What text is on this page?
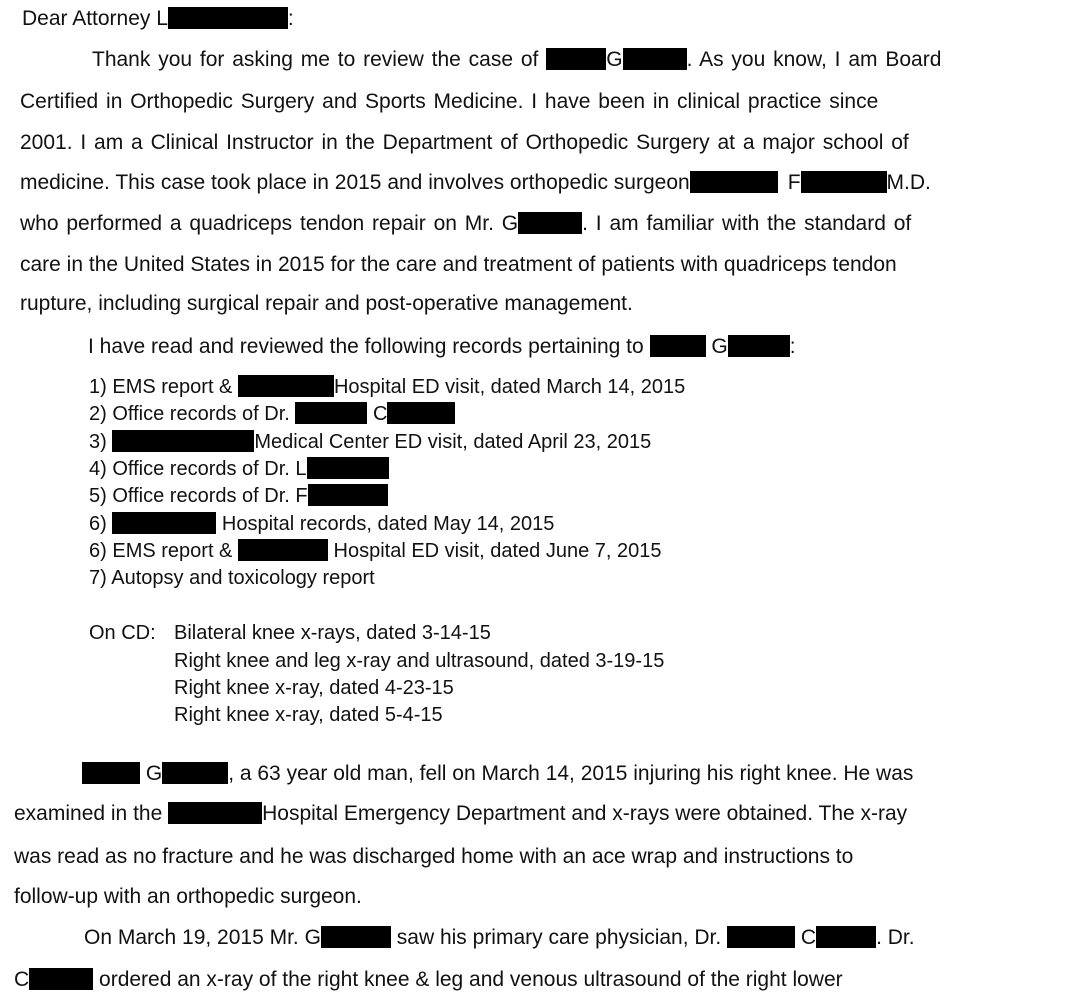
Dear Attorney L	:
Thank you for asking me to review the case of	G	. As you know, I am Board
Certified in Orthopedic Surgery and Sports Medicine. I have been in clinical practice since
2001. I am a Clinical Instructor in the Department of Orthopedic Surgery at a major school of
medicine. This case took place in 2015 and involves orthopedic surgeon	F	M.D.
who performed a quadriceps tendon repair on Mr. G	. I am familiar with the standard of
care in the United States in 2015 for the care and treatment of patients with quadriceps tendon
rupture, including surgical repair and post-operative management.
I have read and reviewed the following records pertaining to	G	:
1) EMS report &	Hospital ED visit, dated March 14, 2015
2) Office records of Dr.	C
3)	Medical Center ED visit, dated April 23, 2015
4) Office records of Dr. L
5) Office records of Dr. F
6)	Hospital records, dated May 14, 2015
6) EMS report &	Hospital ED visit, dated June 7, 2015
7) Autopsy and toxicology report
On CD: Bilateral knee x-rays, dated 3-14-15
Right knee and leg x-ray and ultrasound, dated 3-19-15
Right knee x-ray, dated 4-23-15
Right knee x-ray, dated 5-4-15
G	, a 63 year old man, fell on March 14, 2015 injuring his right knee. He was
examined in the	Hospital Emergency Department and x-rays were obtained. The x-ray
was read as no fracture and he was discharged home with an ace wrap and instructions to
follow-up with an orthopedic surgeon.
On March 19, 2015 Mr. G	saw his primary care physician, Dr.	C	. Dr.
C	ordered an x-ray of the right knee & leg and venous ultrasound of the right lower
